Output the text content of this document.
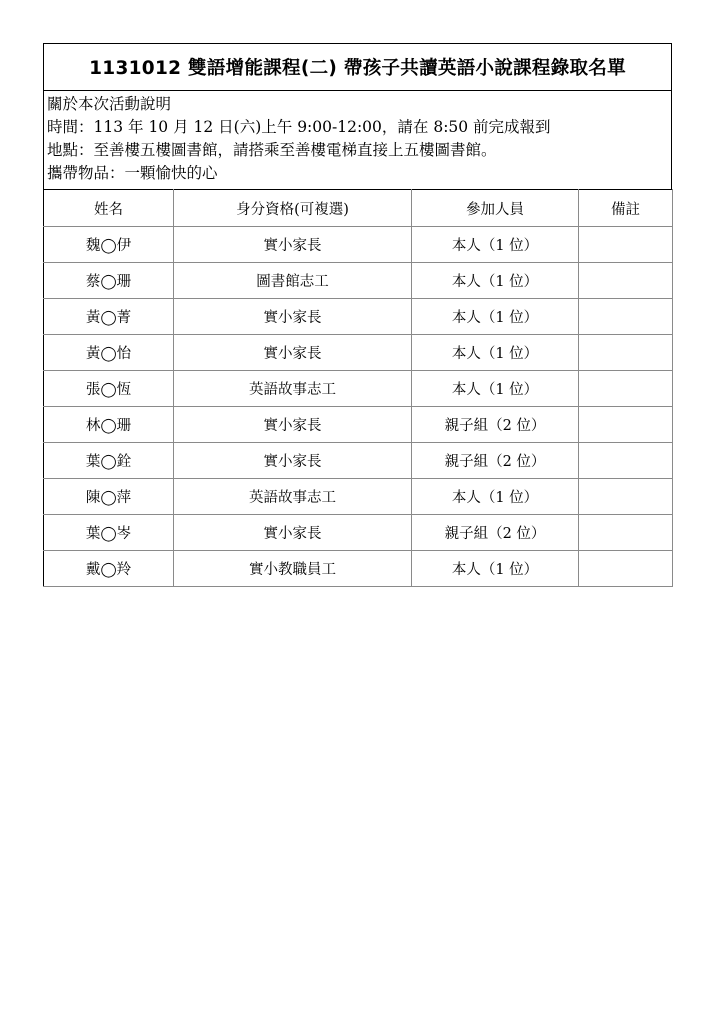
1131012 雙語增能課程(二) 帶孩子共讀英語小說課程錄取名單
關於本次活動說明
時間：113 年 10 月 12 日(六)上午 9:00-12:00，請在 8:50 前完成報到
地點：至善樓五樓圖書館，請搭乘至善樓電梯直接上五樓圖書館。
攜帶物品：一顆愉快的心
姓名	身分資格(可複選)	參加人員	備註
魏◯伊	實小家長	本人（1 位）	
蔡◯珊	圖書館志工	本人（1 位）	
黃◯菁	實小家長	本人（1 位）	
黃◯怡	實小家長	本人（1 位）	
張◯恆	英語故事志工	本人（1 位）	
林◯珊	實小家長	親子組（2 位）	
葉◯銓	實小家長	親子組（2 位）	
陳◯萍	英語故事志工	本人（1 位）	
葉◯岑	實小家長	親子組（2 位）	
戴◯羚	實小教職員工	本人（1 位）	
